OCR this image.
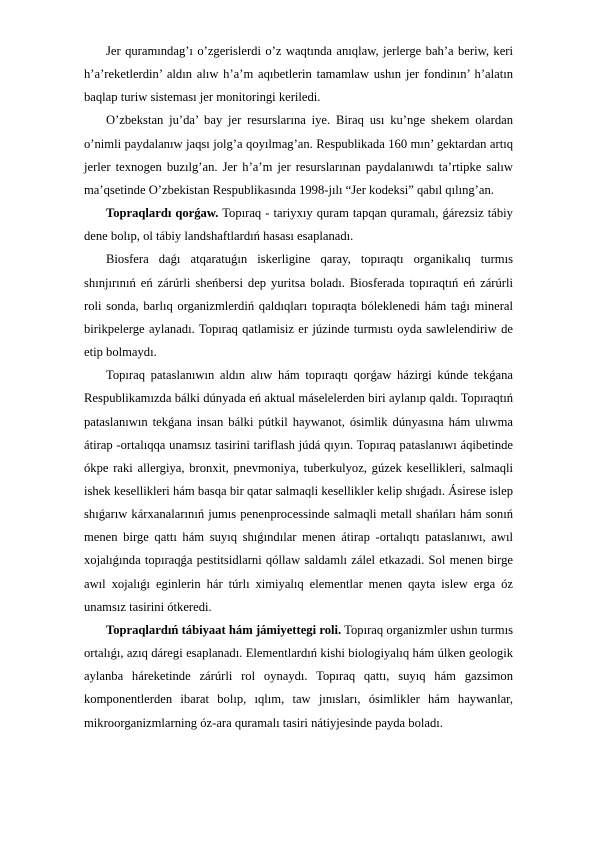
Jer quramındag’ı o’zgerislerdi o’z waqtında anıqlaw, jerlerge bah’a beriw, keri h’a’reketlerdin’ aldın alıw h’a’m aqıbetlerin tamamlaw ushın jer fondinın’ h’alatın baqlap turiw sisteması jer monitoringi keriledi.

O’zbekstan ju’da’ bay jer resurslarına iye. Biraq usı ku’nge shekem olardan o’nimli paydalanıw jaqsı jolg’a qoyılmag’an. Respublikada 160 mın’ gektardan artıq jerler texnogen buzılg’an. Jer h’a’m jer resurslarınan paydalanıwdı ta’rtipke salıw ma’qsetinde O’zbekistan Respublikasında 1998-jılı “Jer kodeksi” qabıl qılıng’an.

Topraqlardı qorǵaw. Topıraq - tariyxıy quram tapqan quramalı, ǵárezsiz tábiy dene bolıp, ol tábiy landshaftlardıń hasası esaplanadı.

Biosfera daǵı atqaratuǵın iskerligine qaray, topıraqtı organikalıq turmıs shınjırınıń eń zárúrli sheńbersi dep yuritsa boladı. Biosferada topıraqtıń eń zárúrli roli sonda, barlıq organizmlerdiń qaldıqları topıraqta bóleklenedi hám taǵı mineral birikpelerge aylanadı. Topıraq qatlamisiz er júzinde turmıstı oyda sawlelendiriw de etip bolmaydı.

Topıraq pataslanıwın aldın alıw hám topıraqtı qorǵaw házirgi kúnde tekǵana Respublikamızda bálki dúnyada eń aktual máselelerden biri aylanıp qaldı. Topıraqtıń pataslanıwın tekǵana insan bálki pútkil haywanot, ósimlik dúnyasına hám ulıwma átirap -ortalıqqa unamsız tasirini tariflash júdá qıyın. Topıraq pataslanıwı áqibetinde ókpe raki allergiya, bronxit, pnevmoniya, tuberkulyoz, gúzek kesellikleri, salmaqli ishek kesellikleri hám basqa bir qatar salmaqli kesellikler kelip shıǵadı. Ásirese islep shıǵarıw kárxanalarınıń jumıs penenprocessinde salmaqli metall shańları hám sonıń menen birge qattı hám suyıq shıǵındılar menen átirap -ortalıqtı pataslanıwı, awıl xojalıǵında topıraqǵa pestitsidlarni qóllaw saldamlı zálel etkazadi. Sol menen birge awıl xojalıǵı eginlerin hár túrlı ximiyalıq elementlar menen qayta islew erga óz unamsız tasirini ótkeredi.

Topraqlardıń tábiyaat hám jámiyettegi roli. Topıraq organizmler ushın turmıs ortalıǵı, azıq dáregi esaplanadı. Elementlardıń kishi biologiyalıq hám úlken geologik aylanba háreketinde zárúrli rol oynaydı. Topıraq qattı, suyıq hám gazsimon komponentlerden ibarat bolıp, ıqlım, taw jınısları, ósimlikler hám haywanlar, mikroorganizmlarning óz-ara quramalı tasiri nátiyjesinde payda boladı.
